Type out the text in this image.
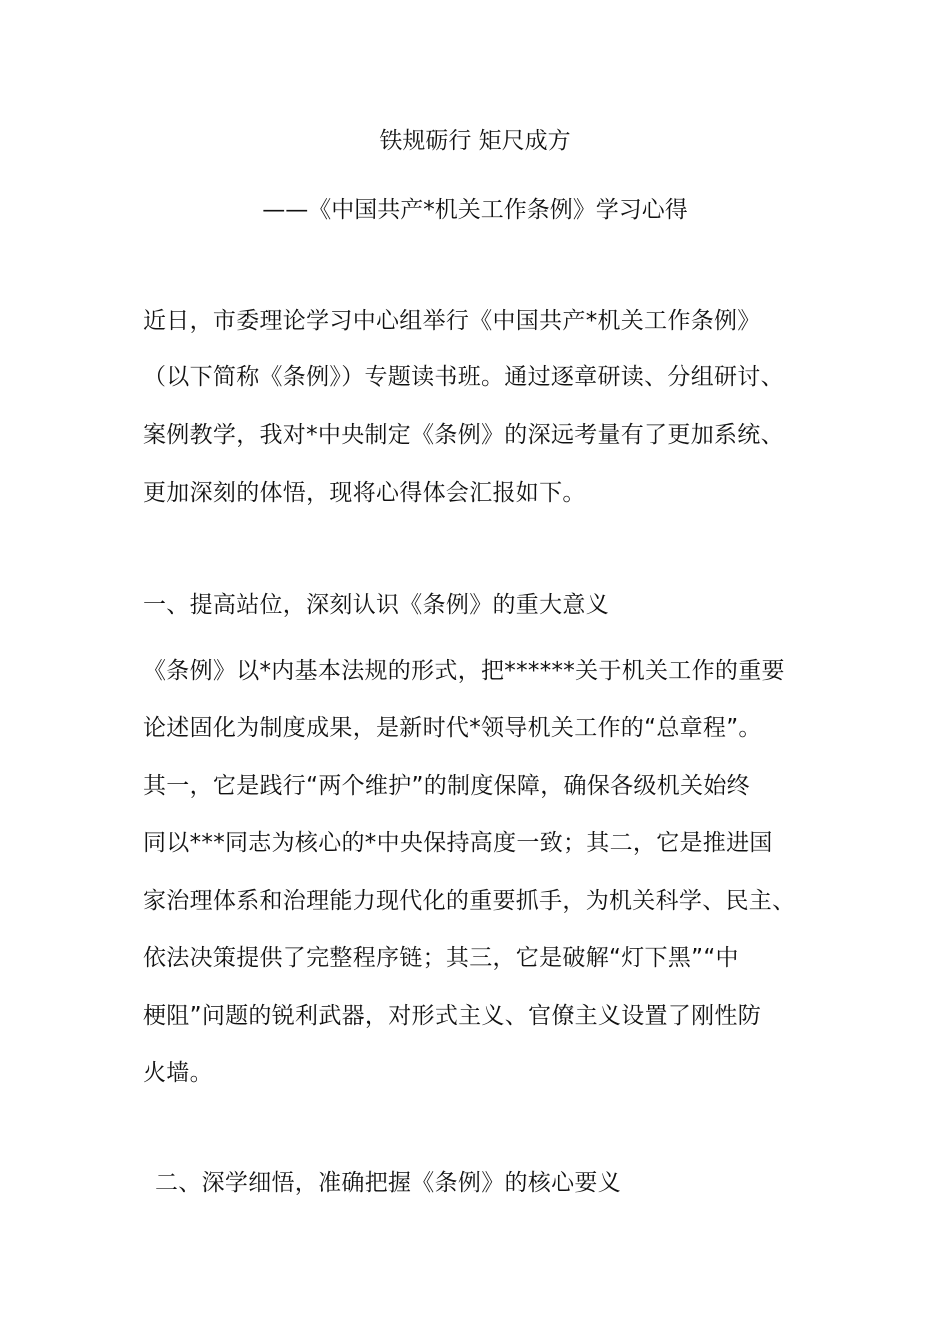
铁规砺行 矩尺成方
——《中国共产*机关工作条例》学习心得
近日，市委理论学习中心组举行《中国共产*机关工作条例》
（以下简称《条例》）专题读书班。通过逐章研读、分组研讨、
案例教学，我对*中央制定《条例》的深远考量有了更加系统、
更加深刻的体悟，现将心得体会汇报如下。
一、提高站位，深刻认识《条例》的重大意义
《条例》以*内基本法规的形式，把******关于机关工作的重要
论述固化为制度成果，是新时代*领导机关工作的“总章程”。
其一，它是践行“两个维护”的制度保障，确保各级机关始终
同以***同志为核心的*中央保持高度一致；其二，它是推进国
家治理体系和治理能力现代化的重要抓手，为机关科学、民主、
依法决策提供了完整程序链；其三，它是破解“灯下黑”“中
梗阻”问题的锐利武器，对形式主义、官僚主义设置了刚性防
火墙。
二、深学细悟，准确把握《条例》的核心要义
